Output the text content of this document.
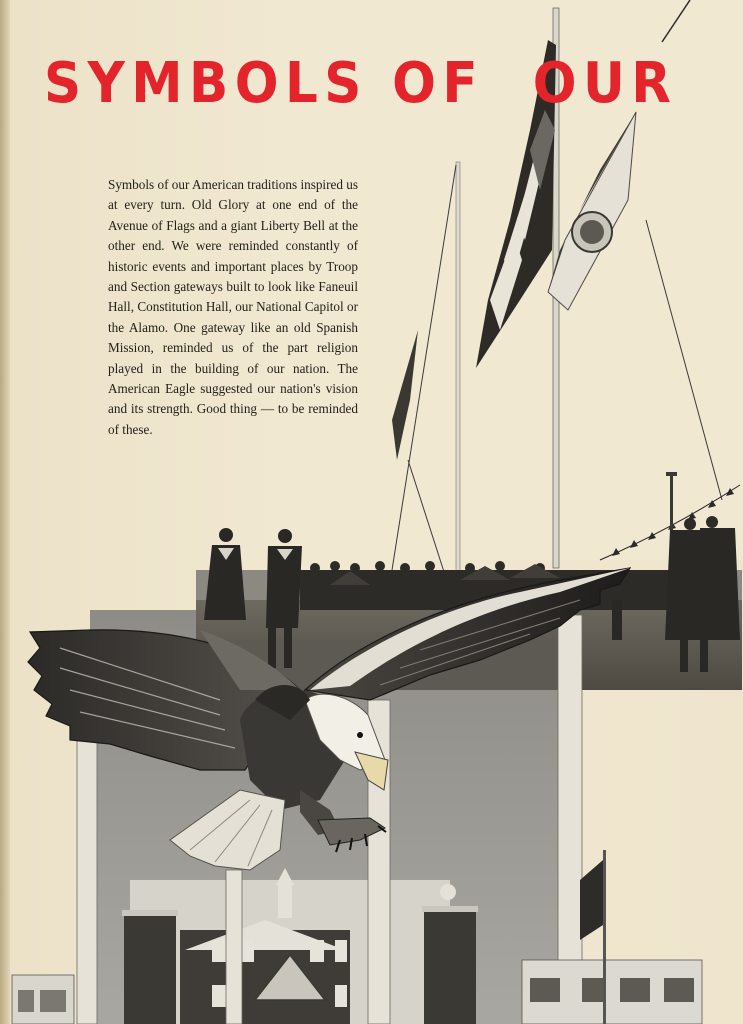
SYMBOLS OF  OUR

Symbols of our American traditions inspired us at every turn. Old Glory at one end of the Avenue of Flags and a giant Liberty Bell at the other end. We were reminded constantly of historic events and important places by Troop and Section gateways built to look like Faneuil Hall, Constitution Hall, our National Capitol or the Alamo. One gateway like an old Spanish Mission, reminded us of the part religion played in the building of our nation. The American Eagle suggested our nation's vision and its strength. Good thing — to be reminded of these.
